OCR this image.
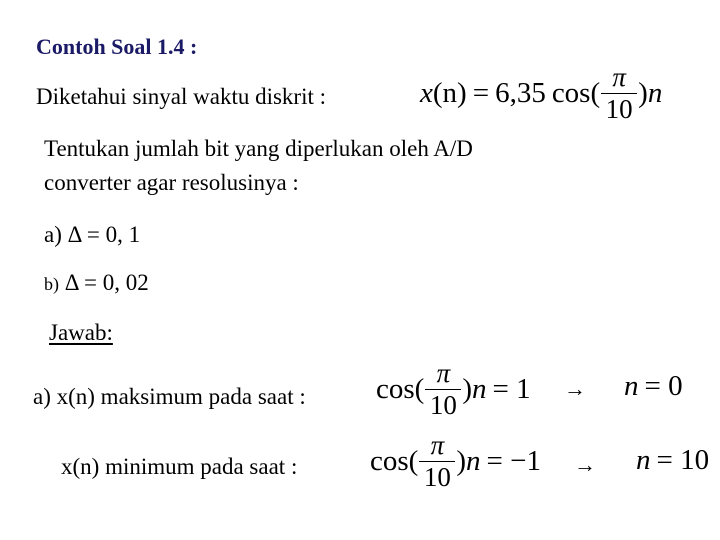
Contoh Soal 1.4 :
Diketahui sinyal waktu diskrit :	x (n) = 6,35 $\cos( \frac{\pi}{10}$ ) n
Tentukan jumlah bit yang diperlukan oleh A/D
converter agar resolusinya :
a) Δ = 0, 1
b) Δ = 0, 02
Jawab:
a) x(n) maksimum pada saat : $\cos( \frac{\pi}{10}$ ) n = 1 → n = 0
x(n) minimum pada saat :	$\cos( \frac{\pi}{10}$ ) n = −1 → n = 10
